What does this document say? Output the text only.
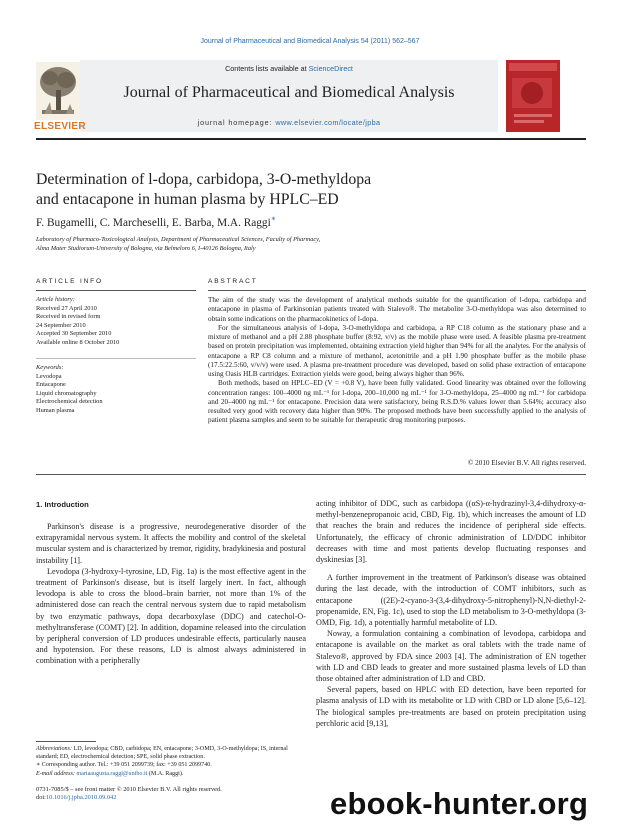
Journal of Pharmaceutical and Biomedical Analysis 54 (2011) 562–567
Contents lists available at ScienceDirect
Journal of Pharmaceutical and Biomedical Analysis
journal homepage: www.elsevier.com/locate/jpba
ELSEVIER
Determination of l-dopa, carbidopa, 3-O-methyldopa
and entacapone in human plasma by HPLC–ED
F. Bugamelli, C. Marcheselli, E. Barba, M.A. Raggi∗
Laboratory of Pharmaco-Toxicological Analysis, Department of Pharmaceutical Sciences, Faculty of Pharmacy,
Alma Mater Studiorum-University of Bologna, via Belmeloro 6, I-40126 Bologna, Italy
ARTICLE INFO	ABSTRACT
Article history:
Received 27 April 2010
Received in revised form
24 September 2010
Accepted 30 September 2010
Available online 8 October 2010
Keywords:
Levodopa
Entacapone
Liquid chromatography
Electrochemical detection
Human plasma

The aim of the study was the development of analytical methods suitable for the quantification of l-dopa, carbidopa and entacapone in plasma of Parkinsonian patients treated with Stalevo®. The metabolite 3-O-methyldopa was also determined to obtain some indications on the pharmacokinetics of l-dopa.

For the simultaneous analysis of l-dopa, 3-O-methyldopa and carbidopa, a RP C18 column as the stationary phase and a mixture of methanol and a pH 2.88 phosphate buffer (8:92, v/v) as the mobile phase were used. A feasible plasma pre-treatment based on protein precipitation was implemented, obtaining extraction yield higher than 94% for all the analytes. For the analysis of entacapone a RP C8 column and a mixture of methanol, acetonitrile and a pH 1.90 phosphate buffer as the mobile phase (17.5:22.5:60, v/v/v) were used. A plasma pre-treatment procedure was developed, based on solid phase extraction of entacapone using Oasis HLB cartridges. Extraction yields were good, being always higher than 96%.

Both methods, based on HPLC–ED (V = +0.8 V), have been fully validated. Good linearity was obtained over the following concentration ranges: 100–4000 ng mL⁻¹ for l-dopa, 200–10,000 ng mL⁻¹ for 3-O-methyldopa, 25–4000 ng mL⁻¹ for carbidopa and 20–4000 ng mL⁻¹ for entacapone. Precision data were satisfactory, being R.S.D.% values lower than 5.64%; accuracy also resulted very good with recovery data higher than 90%. The proposed methods have been successfully applied to the analysis of patient plasma samples and seem to be suitable for therapeutic drug monitoring purposes.

© 2010 Elsevier B.V. All rights reserved.
1. Introduction

Parkinson's disease is a progressive, neurodegenerative disorder of the extrapyramidal nervous system. It affects the mobility and control of the skeletal muscular system and is characterized by tremor, rigidity, bradykinesia and postural instability [1].

Levodopa (3-hydroxy-l-tyrosine, LD, Fig. 1a) is the most effective agent in the treatment of Parkinson's disease, but is itself largely inert. In fact, although levodopa is able to cross the blood–brain barrier, not more than 1% of the administered dose can reach the central nervous system due to rapid metabolism by two enzymatic pathways, dopa decarboxylase (DDC) and catechol-O-methyltransferase (COMT) [2]. In addition, dopamine released into the circulation by peripheral conversion of LD produces undesirable effects, particularly nausea and hypotension. For these reasons, LD is almost always administered in combination with a peripherally

acting inhibitor of DDC, such as carbidopa ((αS)-α-hydrazinyl-3,4-dihydroxy-α-methyl-benzenepropanoic acid, CBD, Fig. 1b), which increases the amount of LD that reaches the brain and reduces the incidence of peripheral side effects. Unfortunately, the efficacy of chronic administration of LD/DDC inhibitor decreases with time and most patients develop fluctuating responses and dyskinesias [3].

A further improvement in the treatment of Parkinson's disease was obtained during the last decade, with the introduction of COMT inhibitors, such as entacapone ((2E)-2-cyano-3-(3,4-dihydroxy-5-nitrophenyl)-N,N-diethyl-2-propenamide, EN, Fig. 1c), used to stop the LD metabolism to 3-O-methyldopa (3-OMD, Fig. 1d), a potentially harmful metabolite of LD.

Noway, a formulation containing a combination of levodopa, carbidopa and entacapone is available on the market as oral tablets with the trade name of Stalevo®, approved by FDA since 2003 [4]. The administration of EN together with LD and CBD leads to greater and more sustained plasma levels of LD than those obtained after administration of LD and CBD.

Several papers, based on HPLC with ED detection, have been reported for plasma analysis of LD with its metabolite or LD with CBD or LD alone [5,6–12]. The biological samples pre-treatments are based on protein precipitation using perchloric acid [9,13],

Abbreviations: LD, levodopa; CBD, carbidopa; EN, entacapone; 3-OMD, 3-O-methyldopa; IS, internal standard; ED, electrochemical detection; SPE, solid phase extraction.

∗ Corresponding author. Tel.: +39 051 2099739; fax: +39 051 2099740.

E-mail address: mariaaugusta.raggi@unibo.it (M.A. Raggi).

0731-7085/$ – see front matter © 2010 Elsevier B.V. All rights reserved.
doi:10.1016/j.jpba.2010.09.042	ebook-hunter.org
